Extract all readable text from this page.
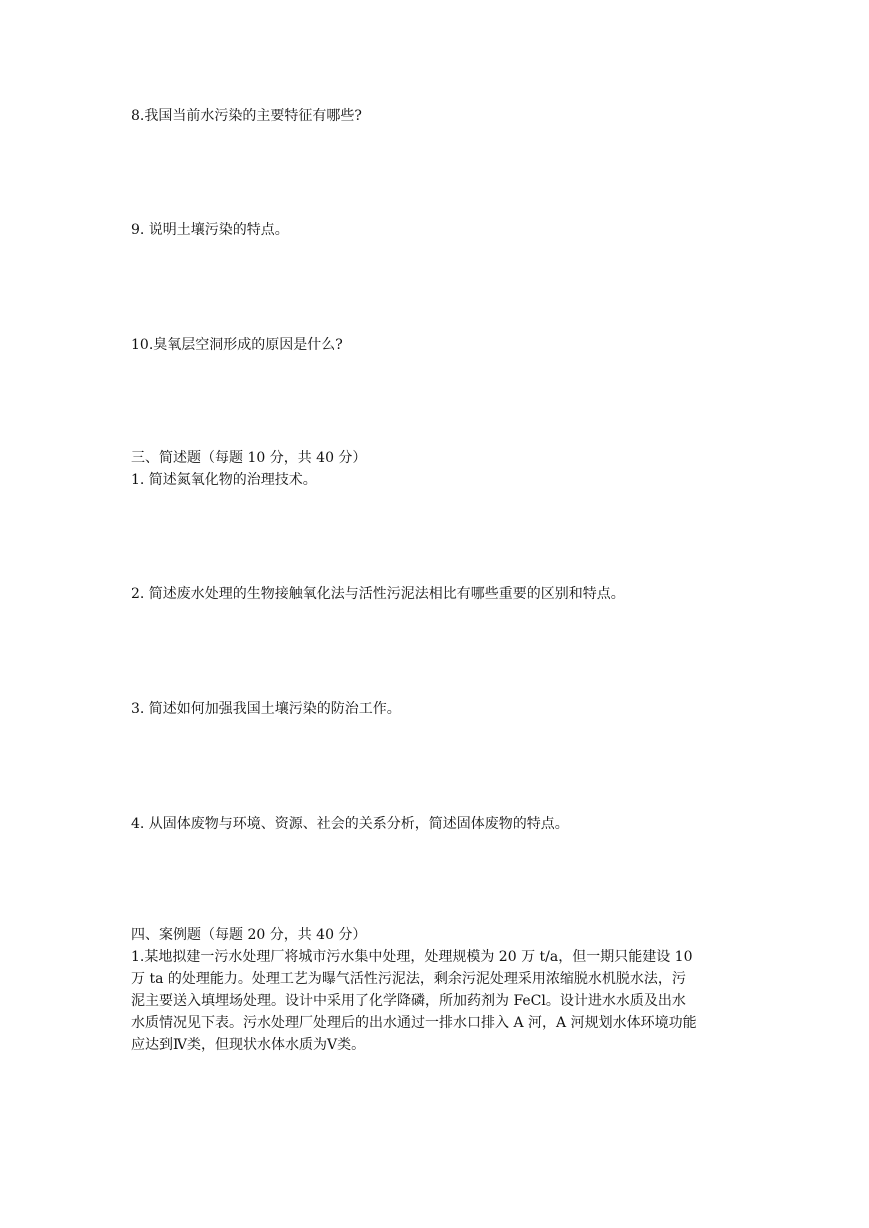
8.我国当前水污染的主要特征有哪些?
9. 说明土壤污染的特点。
10.臭氧层空洞形成的原因是什么?
三、简述题（每题 10 分，共 40 分）
1. 简述氮氧化物的治理技术。
2. 简述废水处理的生物接触氧化法与活性污泥法相比有哪些重要的区别和特点。
3. 简述如何加强我国土壤污染的防治工作。
4. 从固体废物与环境、资源、社会的关系分析，简述固体废物的特点。
四、案例题（每题 20 分，共 40 分）
1.某地拟建一污水处理厂将城市污水集中处理，处理规模为 20 万 t/a，但一期只能建设 10
万 ta 的处理能力。处理工艺为曝气活性污泥法，剩余污泥处理采用浓缩脱水机脱水法，污
泥主要送入填埋场处理。设计中采用了化学降磷，所加药剂为 FeCl。设计进水水质及出水
水质情况见下表。污水处理厂处理后的出水通过一排水口排入 A 河，A 河规划水体环境功能
应达到Ⅳ类，但现状水体水质为Ⅴ类。
